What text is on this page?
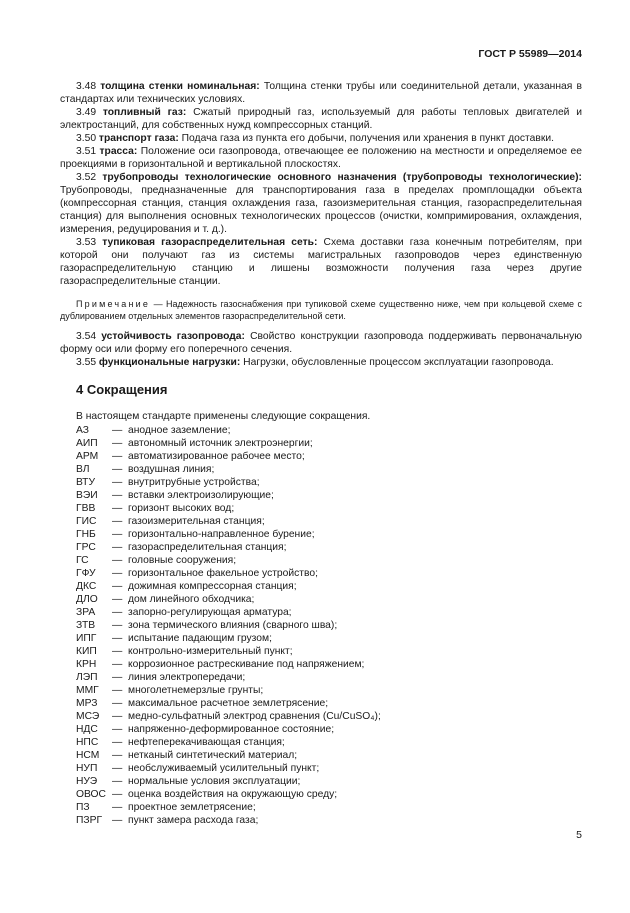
ГОСТ Р 55989—2014

3.48 толщина стенки номинальная: Толщина стенки трубы или соединительной детали, указанная в стандартах или технических условиях.

3.49 топливный газ: Сжатый природный газ, используемый для работы тепловых двигателей и электростанций, для собственных нужд компрессорных станций.

3.50 транспорт газа: Подача газа из пункта его добычи, получения или хранения в пункт доставки.

3.51 трасса: Положение оси газопровода, отвечающее ее положению на местности и определяемое ее проекциями в горизонтальной и вертикальной плоскостях.

3.52 трубопроводы технологические основного назначения (трубопроводы технологические): Трубопроводы, предназначенные для транспортирования газа в пределах промплощадки объекта (компрессорная станция, станция охлаждения газа, газоизмерительная станция, газораспределительная станция) для выполнения основных технологических процессов (очистки, компримирования, охлаждения, измерения, редуцирования и т. д.).

3.53 тупиковая газораспределительная сеть: Схема доставки газа конечным потребителям, при которой они получают газ из системы магистральных газопроводов через единственную газораспределительную станцию и лишены возможности получения газа через другие газораспределительные станции.

Примечание — Надежность газоснабжения при тупиковой схеме существенно ниже, чем при кольцевой схеме с дублированием отдельных элементов газораспределительной сети.

3.54 устойчивость газопровода: Свойство конструкции газопровода поддерживать первоначальную форму оси или форму его поперечного сечения.

3.55 функциональные нагрузки: Нагрузки, обусловленные процессом эксплуатации газопровода.

4 Сокращения

В настоящем стандарте применены следующие сокращения.

АЗ	— анодное заземление;
АИП	— автономный источник электроэнергии;
АРМ	— автоматизированное рабочее место;
ВЛ	— воздушная линия;
ВТУ	— внутритрубные устройства;
ВЭИ	— вставки электроизолирующие;
ГВВ	— горизонт высоких вод;
ГИС	— газоизмерительная станция;
ГНБ	— горизонтально-направленное бурение;
ГРС	— газораспределительная станция;
ГС	— головные сооружения;
ГФУ	— горизонтальное факельное устройство;
ДКС	— дожимная компрессорная станция;
ДЛО	— дом линейного обходчика;
ЗРА	— запорно-регулирующая арматура;
ЗТВ	— зона термического влияния (сварного шва);
ИПГ	— испытание падающим грузом;
КИП	— контрольно-измерительный пункт;
КРН	— коррозионное растрескивание под напряжением;
ЛЭП	— линия электропередачи;
ММГ	— многолетнемерзлые грунты;
МРЗ	— максимальное расчетное землетрясение;
МСЭ	— медно-сульфатный электрод сравнения (Cu/CuSO₄);
НДС	— напряженно-деформированное состояние;
НПС	— нефтеперекачивающая станция;
НСМ	— нетканый синтетический материал;
НУП	— необслуживаемый усилительный пункт;
НУЭ	— нормальные условия эксплуатации;
ОВОС — оценка воздействия на окружающую среду;
ПЗ	— проектное землетрясение;
ПЗРГ — пункт замера расхода газа;
5
